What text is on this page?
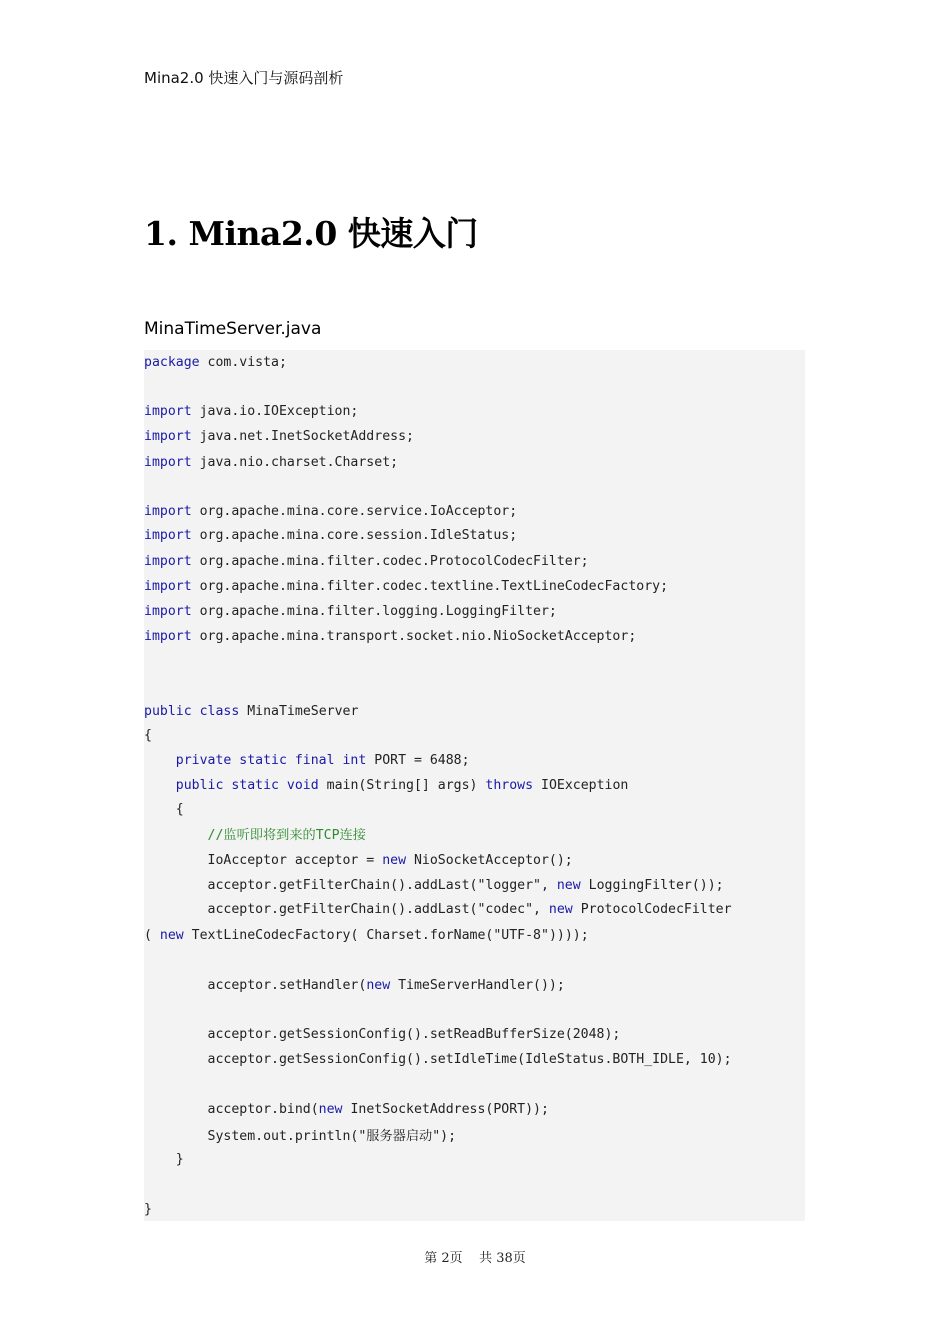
Mina2.0 快速入门与源码剖析
1. Mina2.0 快速入门
MinaTimeServer.java
package com.vista;
import java.io.IOException;
import java.net.InetSocketAddress;
import java.nio.charset.Charset;
import org.apache.mina.core.service.IoAcceptor;
import org.apache.mina.core.session.IdleStatus;
import org.apache.mina.filter.codec.ProtocolCodecFilter;
import org.apache.mina.filter.codec.textline.TextLineCodecFactory;
import org.apache.mina.filter.logging.LoggingFilter;
import org.apache.mina.transport.socket.nio.NioSocketAcceptor;
public class MinaTimeServer
{
private static final int PORT = 6488;
public static void main(String[] args) throws IOException
{
//监听即将到来的TCP连接
IoAcceptor acceptor = new NioSocketAcceptor();
acceptor.getFilterChain().addLast("logger", new LoggingFilter());
acceptor.getFilterChain().addLast("codec", new ProtocolCodecFilter
( new TextLineCodecFactory( Charset.forName("UTF-8"))));
acceptor.setHandler(new TimeServerHandler());
acceptor.getSessionConfig().setReadBufferSize(2048);
acceptor.getSessionConfig().setIdleTime(IdleStatus.BOTH_IDLE, 10);
acceptor.bind(new InetSocketAddress(PORT));
System.out.println("服务器启动");
}
}
第 2页    共 38页
